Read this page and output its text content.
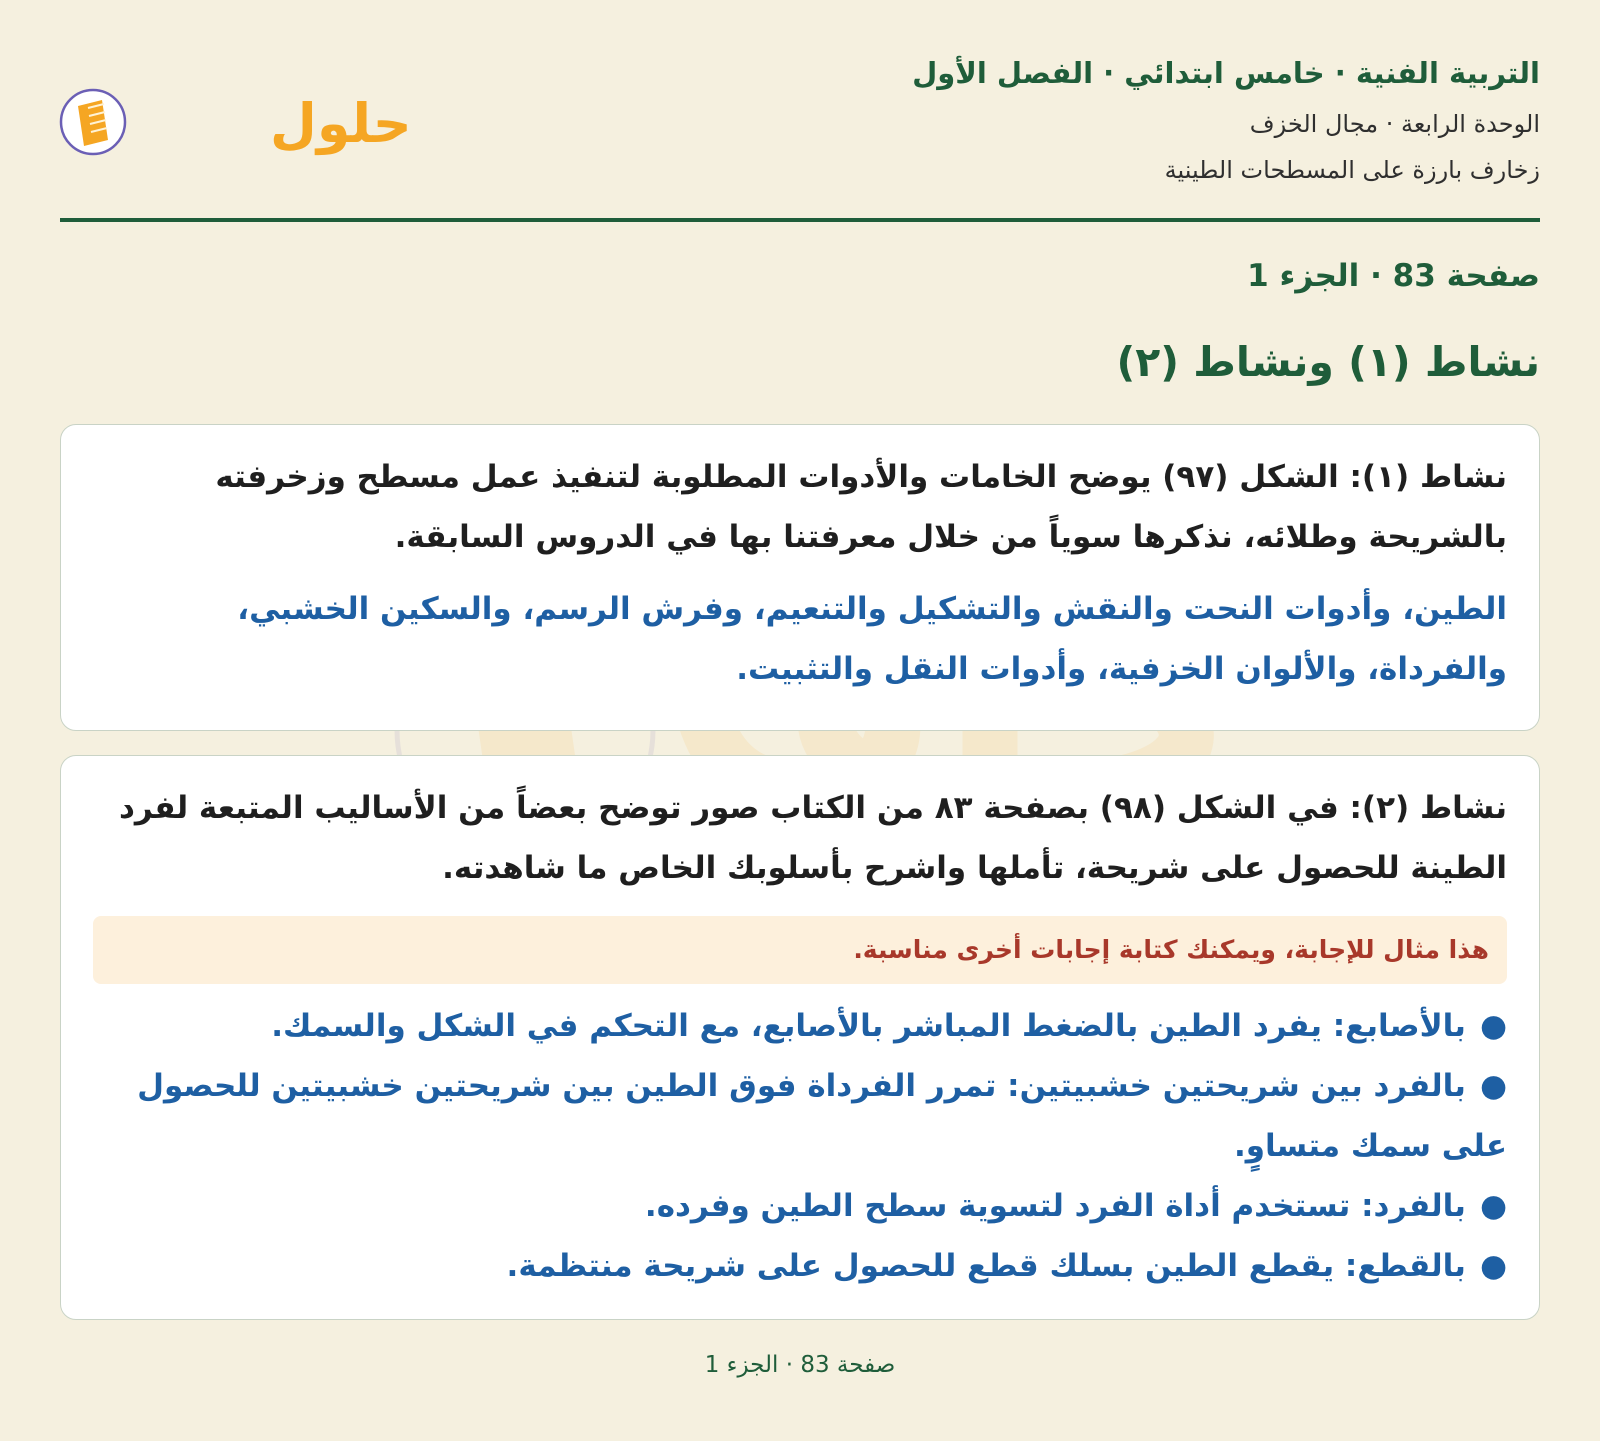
التربية الفنية · خامس ابتدائي · الفصل الأول
الوحدة الرابعة · مجال الخزف
زخارف بارزة على المسطحات الطينية
حلول
صفحة 83 · الجزء 1
نشاط (١) ونشاط (٢)
نشاط (١): الشكل (٩٧) يوضح الخامات والأدوات المطلوبة لتنفيذ عمل مسطح وزخرفته بالشريحة وطلائه، نذكرها سوياً من خلال معرفتنا بها في الدروس السابقة.
الطين، وأدوات النحت والنقش والتشكيل والتنعيم، وفرش الرسم، والسكين الخشبي، والفرداة، والألوان الخزفية، وأدوات النقل والتثبيت.
نشاط (٢): في الشكل (٩٨) بصفحة ٨٣ من الكتاب صور توضح بعضاً من الأساليب المتبعة لفرد الطينة للحصول على شريحة، تأملها واشرح بأسلوبك الخاص ما شاهدته.
هذا مثال للإجابة، ويمكنك كتابة إجابات أخرى مناسبة.
●بالأصابع: يفرد الطين بالضغط المباشر بالأصابع، مع التحكم في الشكل والسمك.
●بالفرد بين شريحتين خشبيتين: تمرر الفرداة فوق الطين بين شريحتين خشبيتين للحصول على سمك متساوٍ.
●بالفرد: تستخدم أداة الفرد لتسوية سطح الطين وفرده.
●بالقطع: يقطع الطين بسلك قطع للحصول على شريحة منتظمة.
صفحة 83 · الجزء 1
